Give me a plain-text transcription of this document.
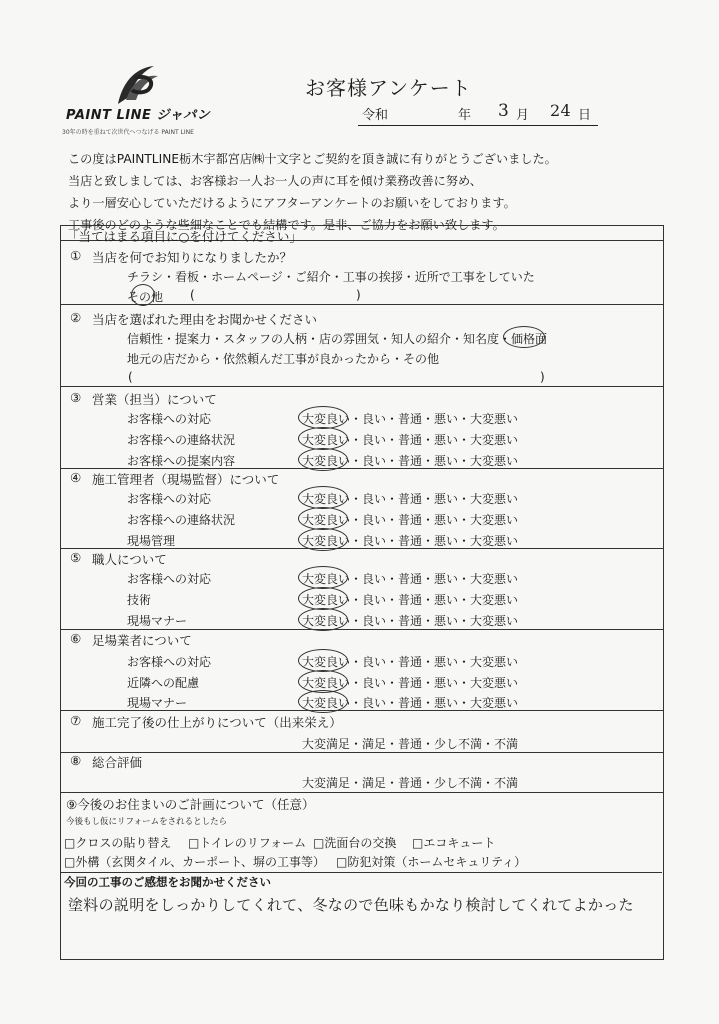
PAINT LINE ジャパン
30年の時を重ねて次世代へつなげる PAINT LINE
お客様アンケート
令和	年 3 月 24 日
この度はPAINTLINE栃木宇都宮店㈱十文字とご契約を頂き誠に有りがとうございました。
当店と致しましては、お客様お一人お一人の声に耳を傾け業務改善に努め、
より一層安心していただけるようにアフターアンケートのお願いをしております。
工事後のどのような些細なことでも結構です。是非、ご協力をお願い致します。
「当てはまる項目に○を付けてください」
① 当店を何でお知りになりましたか？
チラシ・看板・ホームページ・ご紹介・工事の挨拶・近所で工事をしていた
その他 (	)
② 当店を選ばれた理由をお聞かせください
信頼性・提案力・スタッフの人柄・店の雰囲気・知人の紹介・知名度・価格面
地元の店だから・依然頼んだ工事が良かったから・その他
(	)
③ 営業（担当）について
お客様への対応	大変良い・良い・普通・悪い・大変悪い
お客様への連絡状況	大変良い・良い・普通・悪い・大変悪い
お客様への提案内容	大変良い・良い・普通・悪い・大変悪い
④ 施工管理者（現場監督）について
お客様への対応	大変良い・良い・普通・悪い・大変悪い
お客様への連絡状況	大変良い・良い・普通・悪い・大変悪い
現場管理	大変良い・良い・普通・悪い・大変悪い
⑤ 職人について
お客様への対応	大変良い・良い・普通・悪い・大変悪い
技術	大変良い・良い・普通・悪い・大変悪い
現場マナー	大変良い・良い・普通・悪い・大変悪い
⑥ 足場業者について
お客様への対応	大変良い・良い・普通・悪い・大変悪い
近隣への配慮	大変良い・良い・普通・悪い・大変悪い
現場マナー	大変良い・良い・普通・悪い・大変悪い
⑦ 施工完了後の仕上がりについて（出来栄え）
大変満足・満足・普通・少し不満・不満
⑧ 総合評価
大変満足・満足・普通・少し不満・不満
⑨今後のお住まいのご計画について（任意）
今後もし仮にリフォームをされるとしたら
□クロスの貼り替え □トイレのリフォーム □洗面台の交換 □エコキュート
□外構（玄関タイル、カーポート、塀の工事等） □防犯対策（ホームセキュリティ）
今回の工事のご感想をお聞かせください
塗料の説明をしっかりしてくれて、冬なので色味もかなり検討してくれてよかった
